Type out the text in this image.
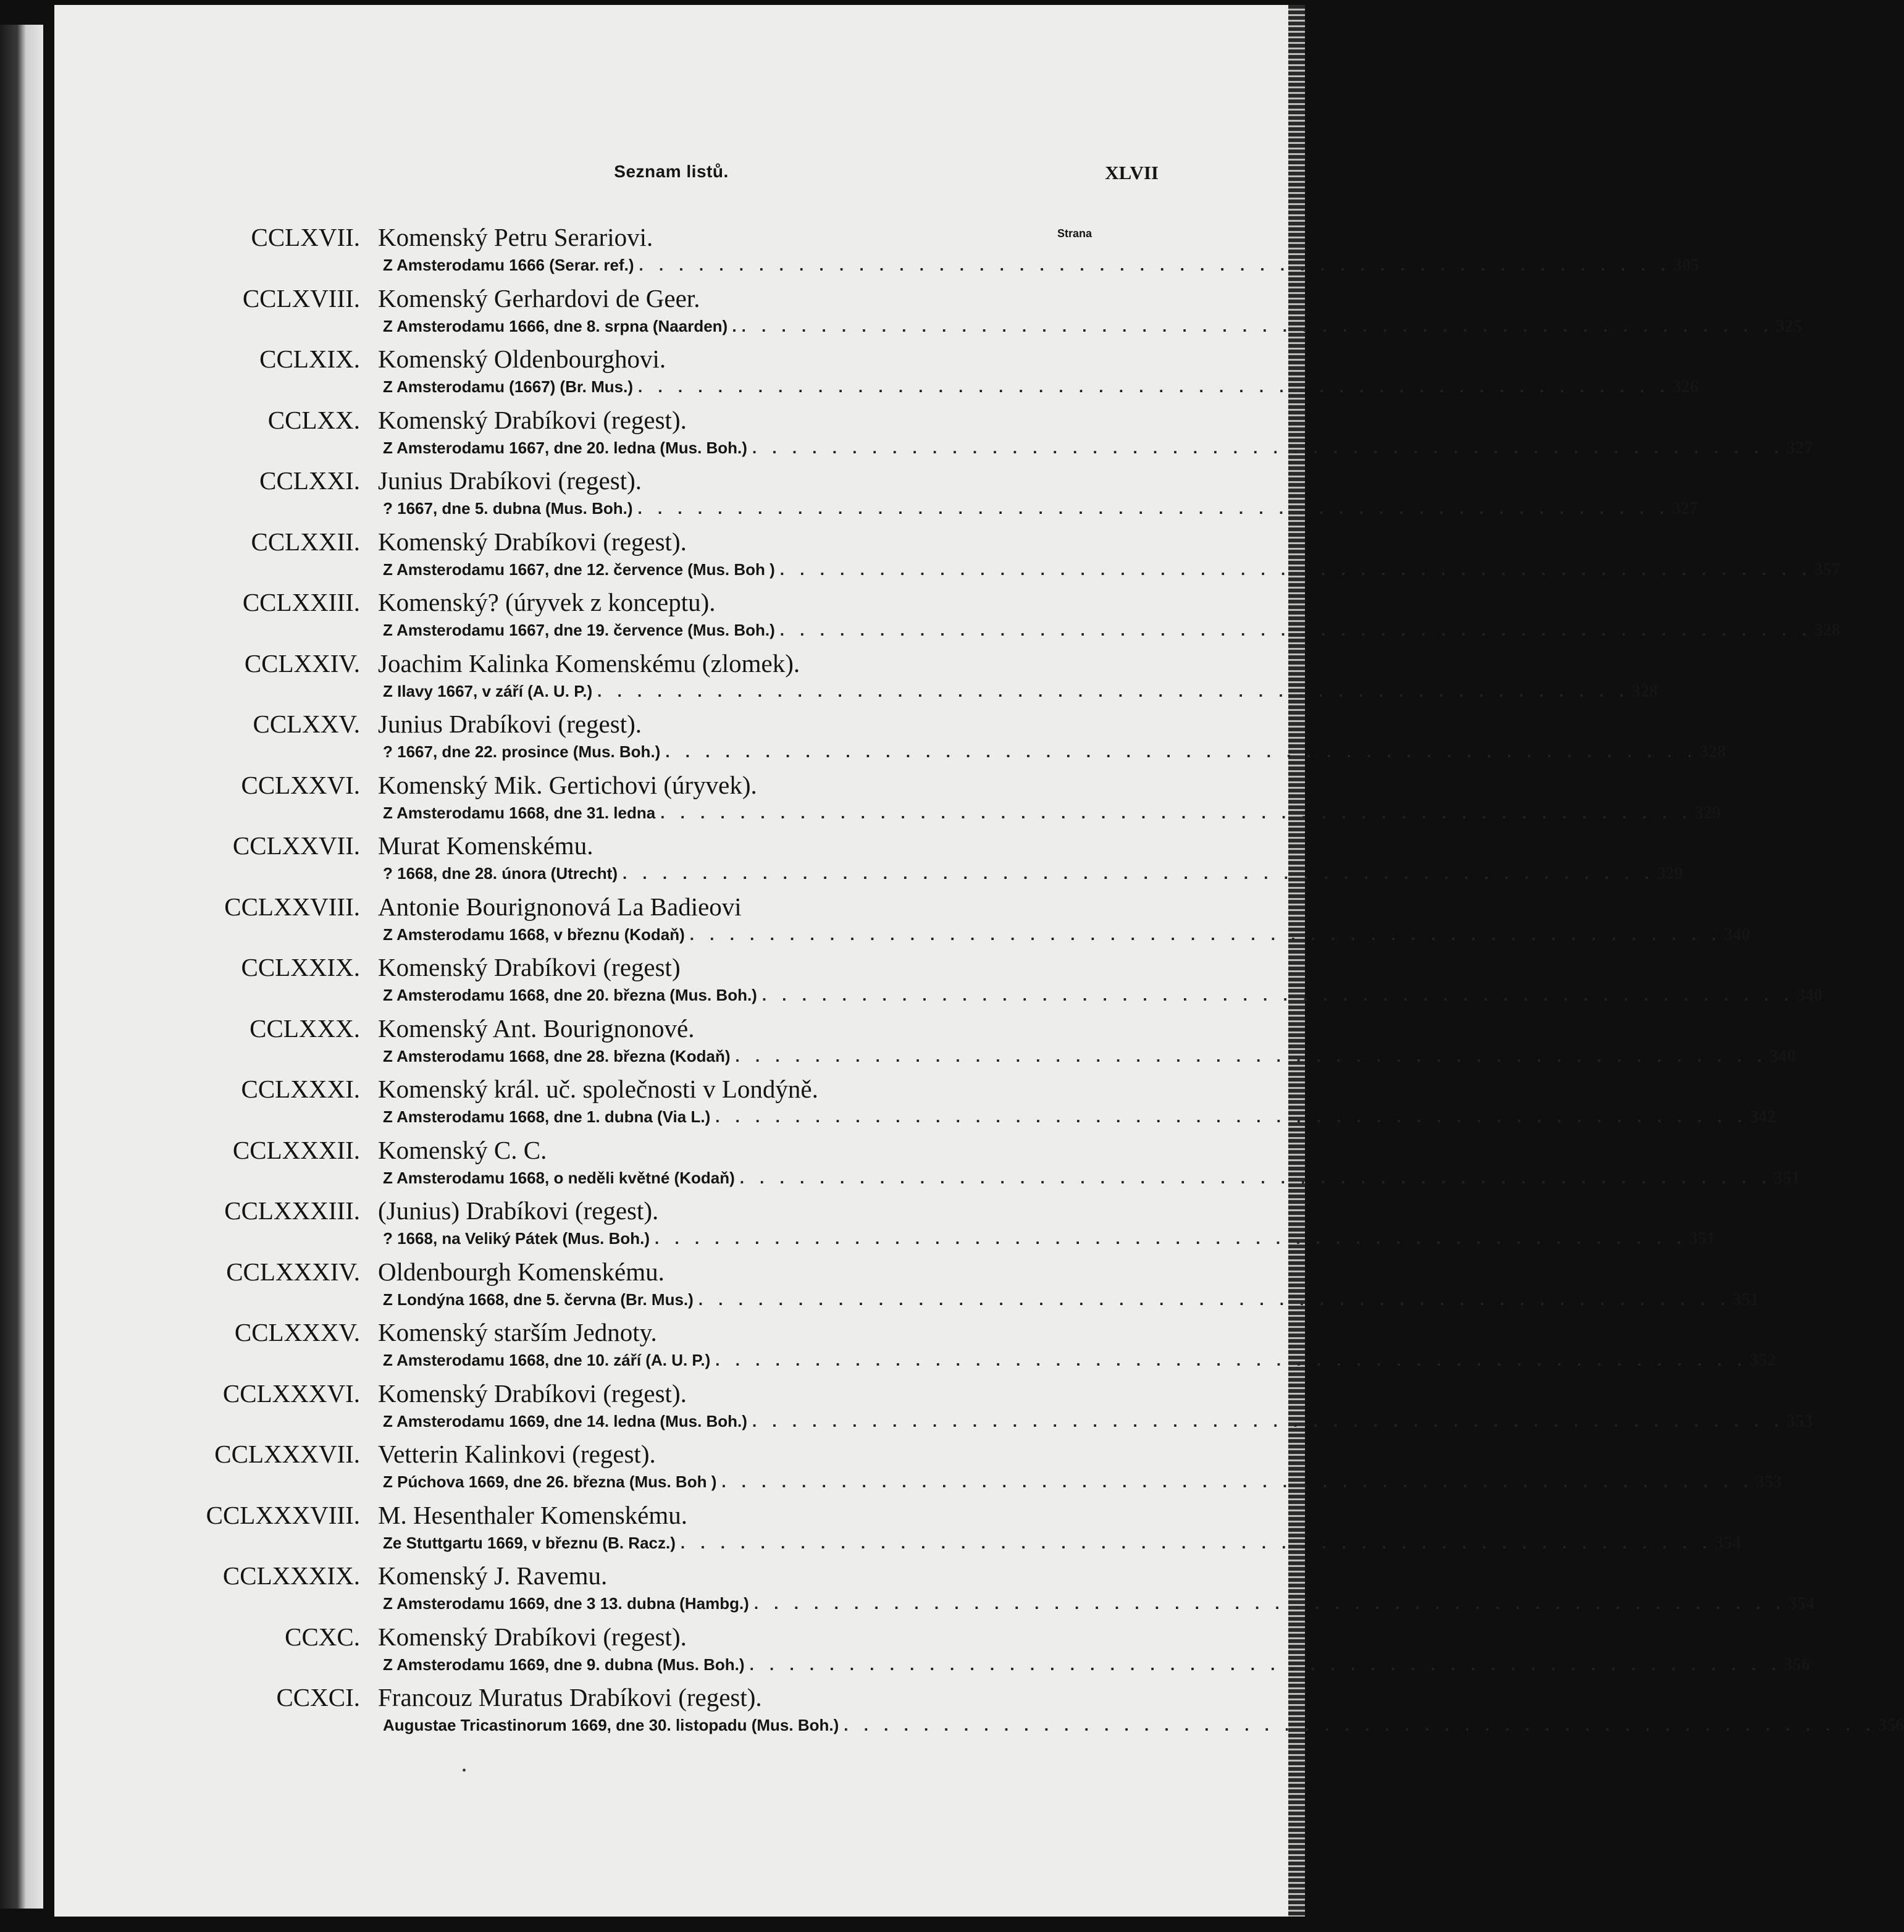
Seznam listů.	XLVII
CCLXVII. Komenský Petru Serariovi.	Strana
Z Amsterodamu 1666 (Serar. ref.) . . . . . . . . . . . . . . . . . . . . . . . . . . . . . . . . . . . . . . . . . . . . . . . . . . . . 305
CCLXVIII. Komenský Gerhardovi de Geer.
Z Amsterodamu 1666, dne 8. srpna (Naarden) . . . . . . . . . . . . . . . . . . . . . . . . . . . . . . . . . . . . . . . . . . . . . . . . . . . . . 325
CCLXIX. Komenský Oldenbourghovi.
Z Amsterodamu (1667) (Br. Mus.) . . . . . . . . . . . . . . . . . . . . . . . . . . . . . . . . . . . . . . . . . . . . . . . . . . . . 326
CCLXX. Komenský Drabíkovi (regest).
Z Amsterodamu 1667, dne 20. ledna (Mus. Boh.) . . . . . . . . . . . . . . . . . . . . . . . . . . . . . . . . . . . . . . . . . . . . . . . . . . . . 327
CCLXXI. Junius Drabíkovi (regest).
? 1667, dne 5. dubna (Mus. Boh.) . . . . . . . . . . . . . . . . . . . . . . . . . . . . . . . . . . . . . . . . . . . . . . . . . . . . 327
CCLXXII. Komenský Drabíkovi (regest).
Z Amsterodamu 1667, dne 12. července (Mus. Boh ) . . . . . . . . . . . . . . . . . . . . . . . . . . . . . . . . . . . . . . . . . . . . . . . . . . . . 357
CCLXXIII. Komenský? (úryvek z konceptu).
Z Amsterodamu 1667, dne 19. července (Mus. Boh.) . . . . . . . . . . . . . . . . . . . . . . . . . . . . . . . . . . . . . . . . . . . . . . . . . . . . 328
CCLXXIV. Joachim Kalinka Komenskému (zlomek).
Z Ilavy 1667, v září (A. U. P.) . . . . . . . . . . . . . . . . . . . . . . . . . . . . . . . . . . . . . . . . . . . . . . . . . . . . 328
CCLXXV. Junius Drabíkovi (regest).
? 1667, dne 22. prosince (Mus. Boh.) . . . . . . . . . . . . . . . . . . . . . . . . . . . . . . . . . . . . . . . . . . . . . . . . . . . . 328
CCLXXVI. Komenský Mik. Gertichovi (úryvek).
Z Amsterodamu 1668, dne 31. ledna . . . . . . . . . . . . . . . . . . . . . . . . . . . . . . . . . . . . . . . . . . . . . . . . . . . . 329
CCLXXVII. Murat Komenskému.
? 1668, dne 28. února (Utrecht) . . . . . . . . . . . . . . . . . . . . . . . . . . . . . . . . . . . . . . . . . . . . . . . . . . . . 329
CCLXXVIII. Antonie Bourignonová La Badieovi
Z Amsterodamu 1668, v březnu (Kodaň) . . . . . . . . . . . . . . . . . . . . . . . . . . . . . . . . . . . . . . . . . . . . . . . . . . . . 340
CCLXXIX. Komenský Drabíkovi (regest)
Z Amsterodamu 1668, dne 20. března (Mus. Boh.) . . . . . . . . . . . . . . . . . . . . . . . . . . . . . . . . . . . . . . . . . . . . . . . . . . . . 340
CCLXXX. Komenský Ant. Bourignonové.
Z Amsterodamu 1668, dne 28. března (Kodaň) . . . . . . . . . . . . . . . . . . . . . . . . . . . . . . . . . . . . . . . . . . . . . . . . . . . . 340
CCLXXXI. Komenský král. uč. společnosti v Londýně.
Z Amsterodamu 1668, dne 1. dubna (Via L.) . . . . . . . . . . . . . . . . . . . . . . . . . . . . . . . . . . . . . . . . . . . . . . . . . . . . 342
CCLXXXII. Komenský C. C.
Z Amsterodamu 1668, o neděli květné (Kodaň) . . . . . . . . . . . . . . . . . . . . . . . . . . . . . . . . . . . . . . . . . . . . . . . . . . . . 351
CCLXXXIII. (Junius) Drabíkovi (regest).
? 1668, na Veliký Pátek (Mus. Boh.) . . . . . . . . . . . . . . . . . . . . . . . . . . . . . . . . . . . . . . . . . . . . . . . . . . . . 351
CCLXXXIV. Oldenbourgh Komenskému.
Z Londýna 1668, dne 5. června (Br. Mus.) . . . . . . . . . . . . . . . . . . . . . . . . . . . . . . . . . . . . . . . . . . . . . . . . . . . . 351
CCLXXXV. Komenský starším Jednoty.
Z Amsterodamu 1668, dne 10. září (A. U. P.) . . . . . . . . . . . . . . . . . . . . . . . . . . . . . . . . . . . . . . . . . . . . . . . . . . . . 352
CCLXXXVI. Komenský Drabíkovi (regest).
Z Amsterodamu 1669, dne 14. ledna (Mus. Boh.) . . . . . . . . . . . . . . . . . . . . . . . . . . . . . . . . . . . . . . . . . . . . . . . . . . . . 353
CCLXXXVII. Vetterin Kalinkovi (regest).
Z Púchova 1669, dne 26. března (Mus. Boh ) . . . . . . . . . . . . . . . . . . . . . . . . . . . . . . . . . . . . . . . . . . . . . . . . . . . . 353
CCLXXXVIII. M. Hesenthaler Komenskému.
Ze Stuttgartu 1669, v březnu (B. Racz.) . . . . . . . . . . . . . . . . . . . . . . . . . . . . . . . . . . . . . . . . . . . . . . . . . . . . 354
CCLXXXIX. Komenský J. Ravemu.
Z Amsterodamu 1669, dne 3 13. dubna (Hambg.) . . . . . . . . . . . . . . . . . . . . . . . . . . . . . . . . . . . . . . . . . . . . . . . . . . . . 354
CCXC. Komenský Drabíkovi (regest).
Z Amsterodamu 1669, dne 9. dubna (Mus. Boh.) . . . . . . . . . . . . . . . . . . . . . . . . . . . . . . . . . . . . . . . . . . . . . . . . . . . . 356
CCXCI. Francouz Muratus Drabíkovi (regest).
Augustae Tricastinorum 1669, dne 30. listopadu (Mus. Boh.) . . . . . . . . . . . . . . . . . . . . . . . . . . . . . . . . . . . . . . . . . . . . . . . . . . . . 356
•
